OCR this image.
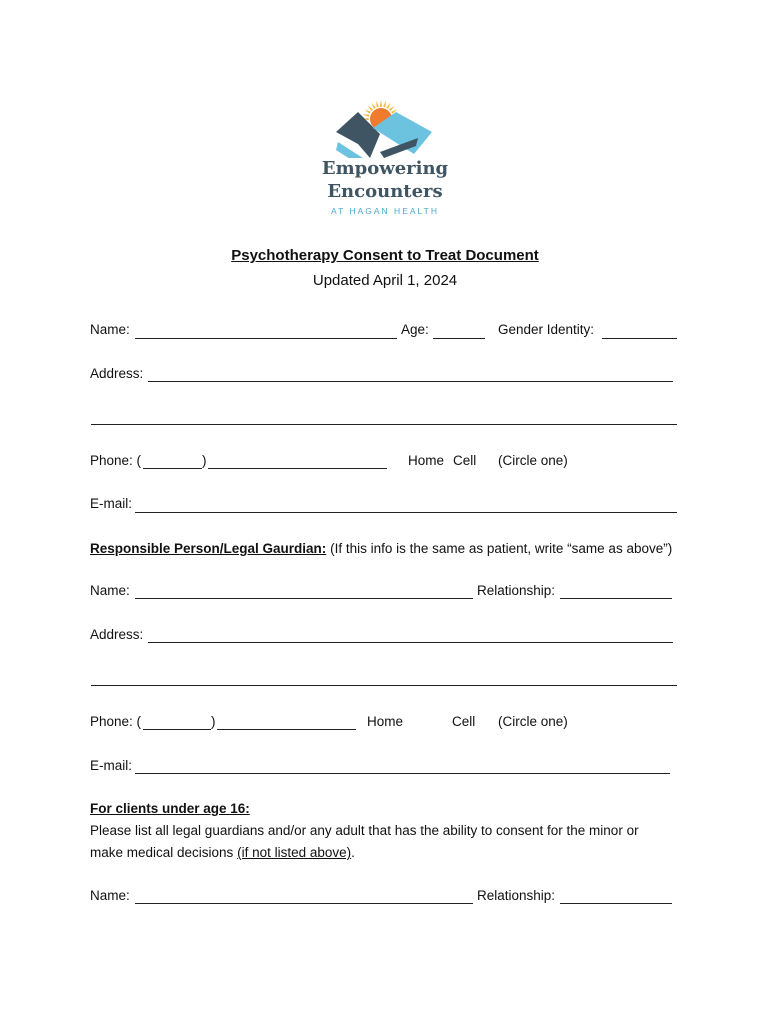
Empowering
Encounters
AT HAGAN HEALTH
Psychotherapy Consent to Treat Document
Updated April 1, 2024
Name:	Age:	Gender Identity:
Address:
Phone: (	)	Home Cell (Circle one)
E-mail:
Responsible Person/Legal Gaurdian: (If this info is the same as patient, write “same as above”)
Name:	Relationship:
Address:
Phone: (	)	Home	Cell (Circle one)
E-mail:
For clients under age 16:
Please list all legal guardians and/or any adult that has the ability to consent for the minor or
make medical decisions (if not listed above).
Name:	Relationship:
